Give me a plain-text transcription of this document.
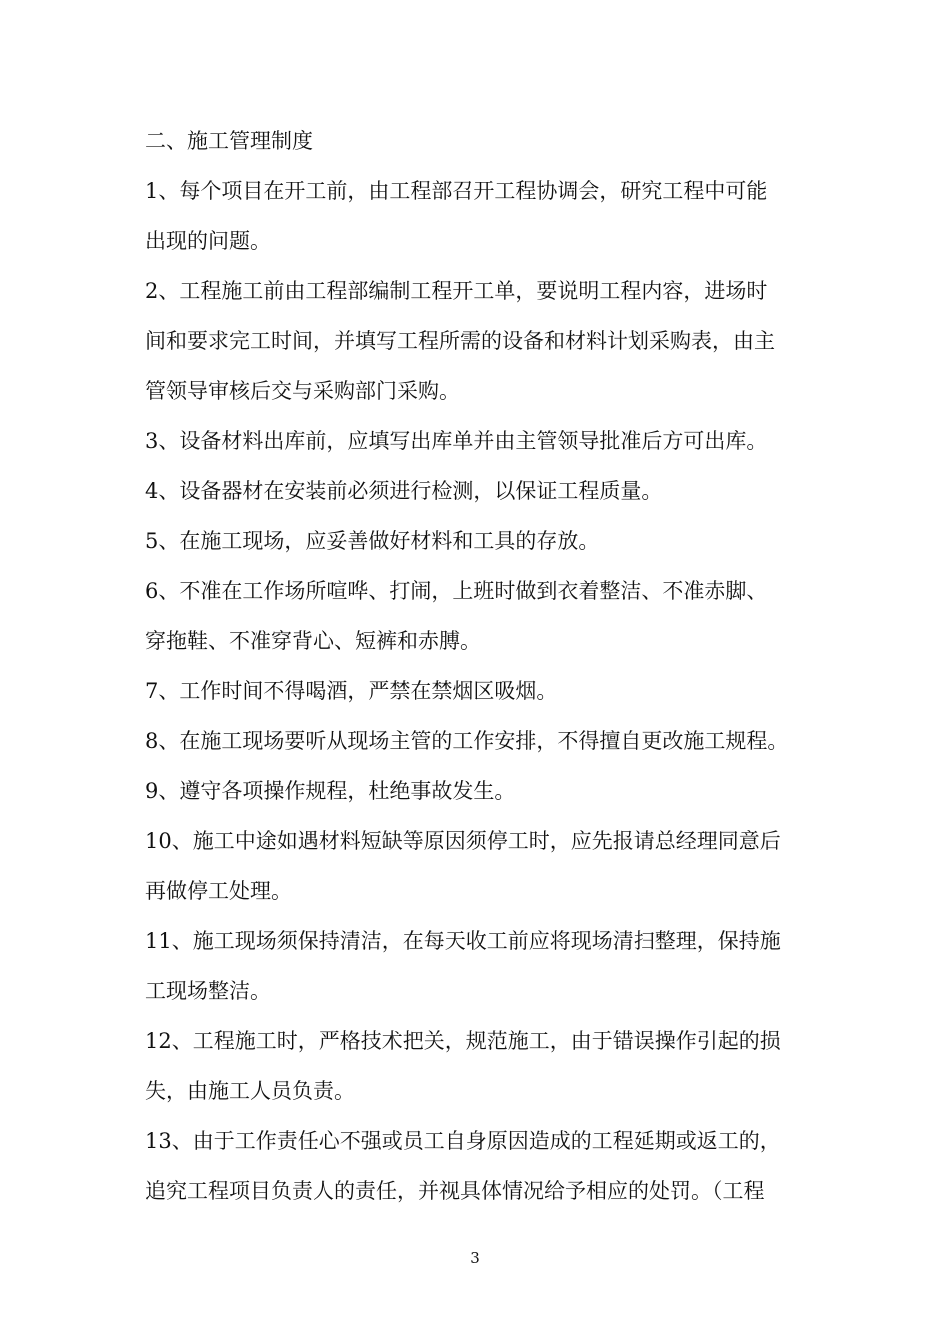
二、施工管理制度
1、每个项目在开工前，由工程部召开工程协调会，研究工程中可能
出现的问题。
2、工程施工前由工程部编制工程开工单，要说明工程内容，进场时
间和要求完工时间，并填写工程所需的设备和材料计划采购表，由主
管领导审核后交与采购部门采购。
3、设备材料出库前，应填写出库单并由主管领导批准后方可出库。
4、设备器材在安装前必须进行检测，以保证工程质量。
5、在施工现场，应妥善做好材料和工具的存放。
6、不准在工作场所喧哗、打闹，上班时做到衣着整洁、不准赤脚、
穿拖鞋、不准穿背心、短裤和赤膊。
7、工作时间不得喝酒，严禁在禁烟区吸烟。
8、在施工现场要听从现场主管的工作安排，不得擅自更改施工规程。
9、遵守各项操作规程，杜绝事故发生。
10、施工中途如遇材料短缺等原因须停工时，应先报请总经理同意后
再做停工处理。
11、施工现场须保持清洁，在每天收工前应将现场清扫整理，保持施
工现场整洁。
12、工程施工时，严格技术把关，规范施工，由于错误操作引起的损
失，由施工人员负责。
13、由于工作责任心不强或员工自身原因造成的工程延期或返工的，
追究工程项目负责人的责任，并视具体情况给予相应的处罚。（工程
3
